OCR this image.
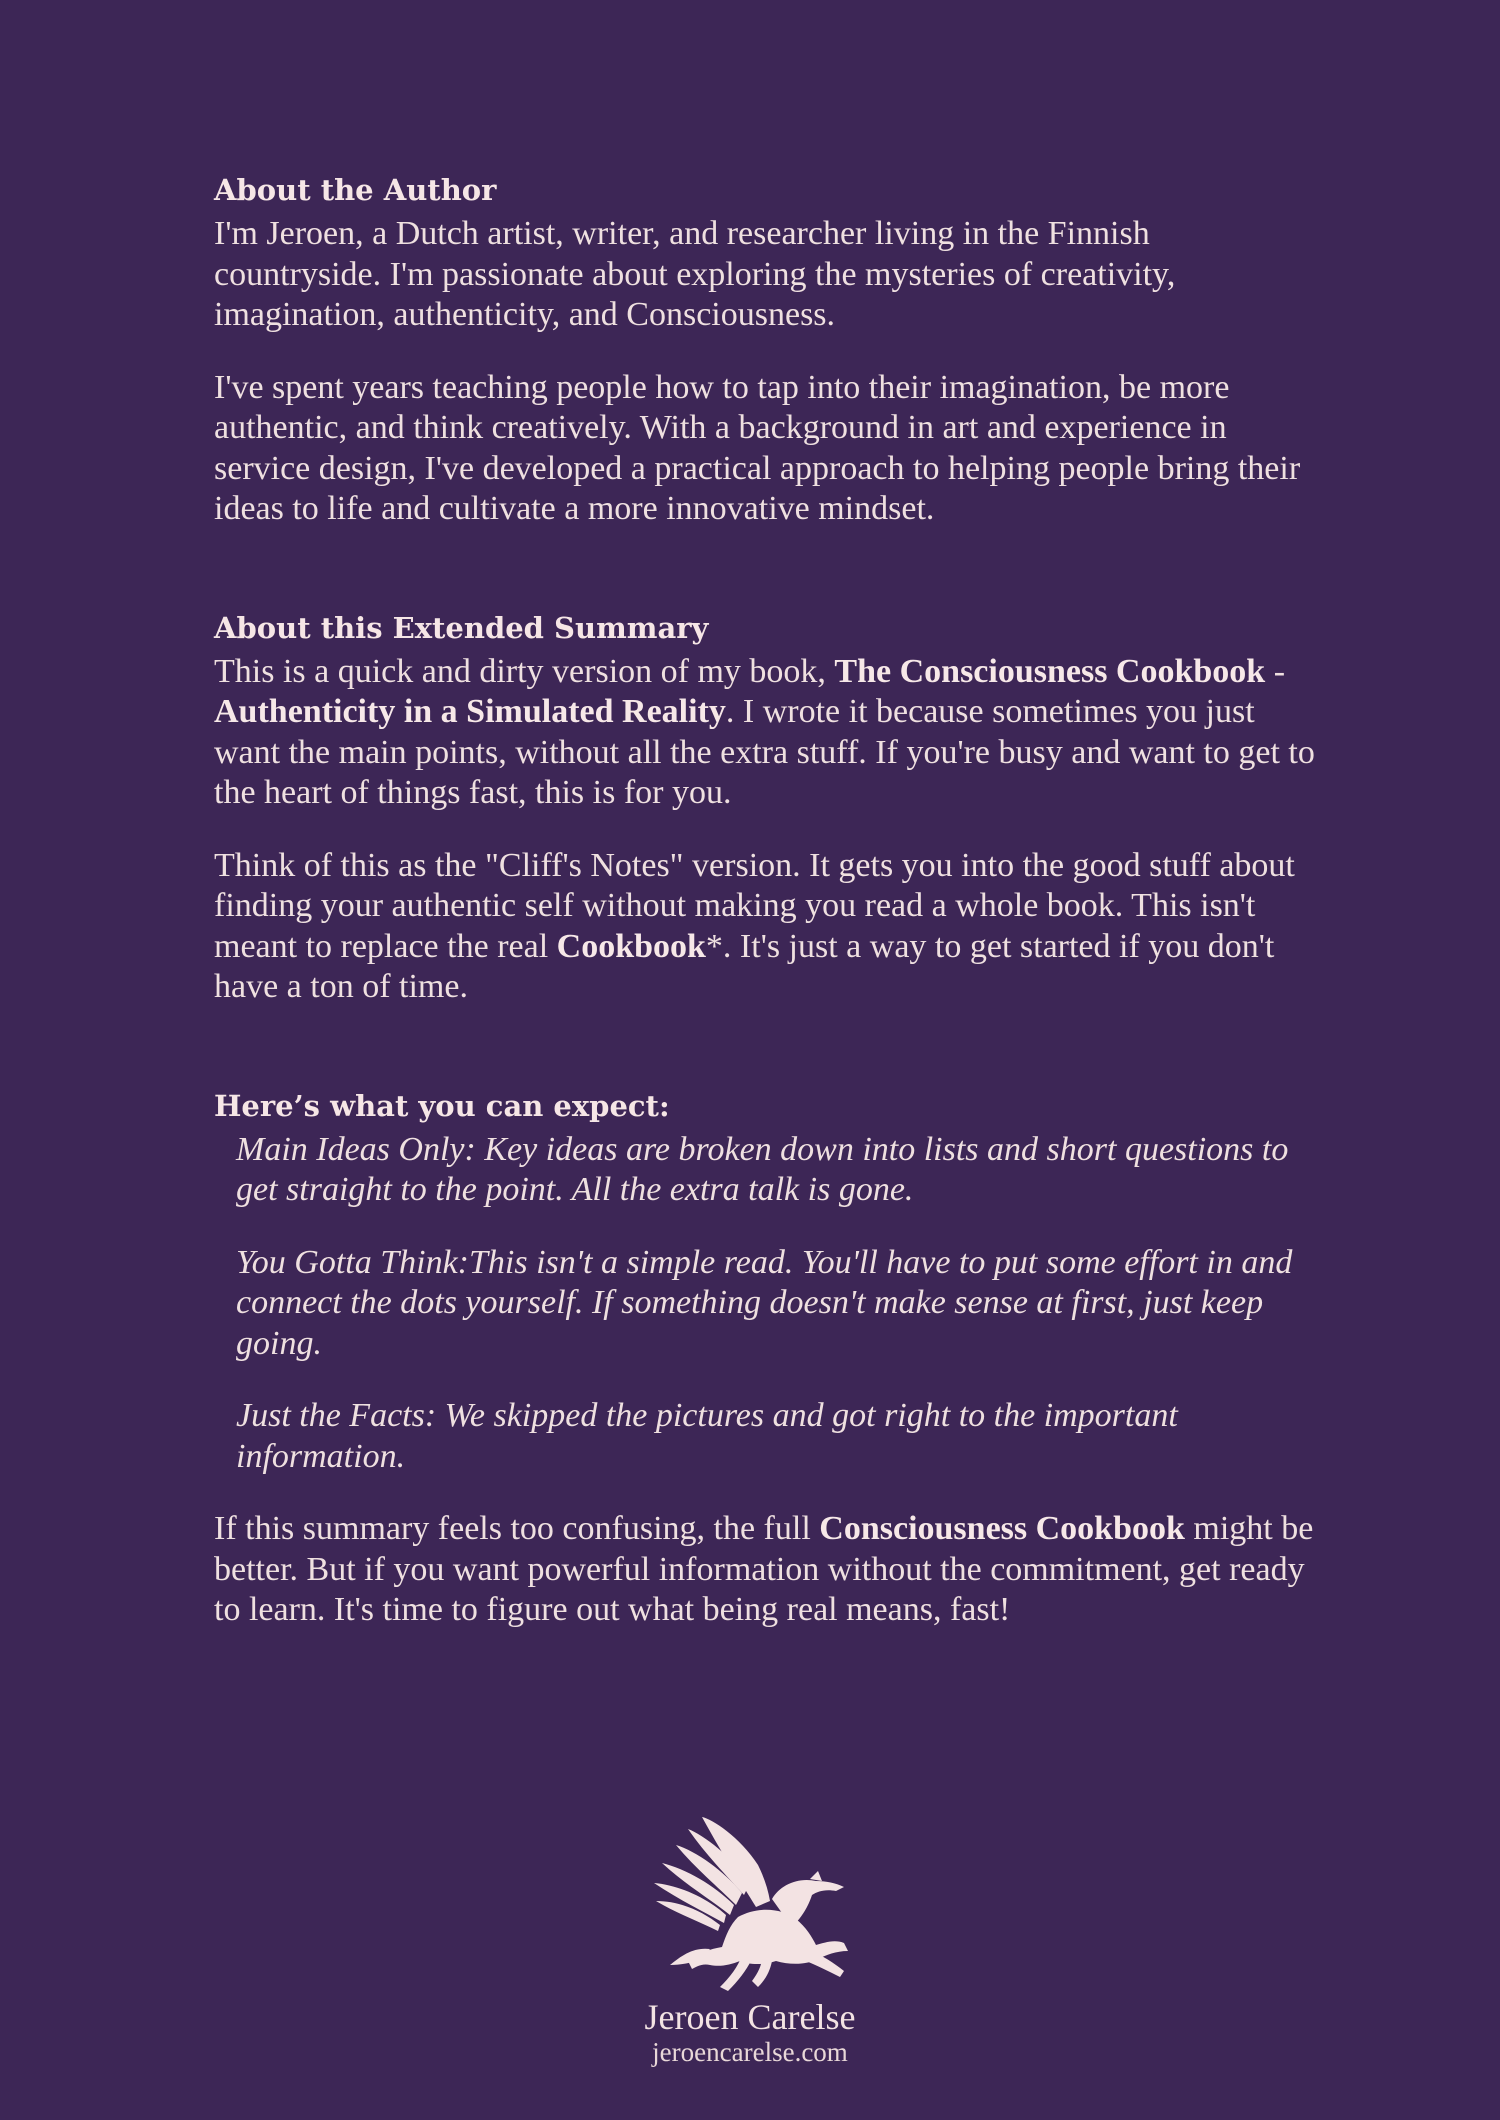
About the Author

I'm Jeroen, a Dutch artist, writer, and researcher living in the Finnish countryside. I'm passionate about exploring the mysteries of creativity, imagination, authenticity, and Consciousness.

I've spent years teaching people how to tap into their imagination, be more authentic, and think creatively. With a background in art and experience in service design, I've developed a practical approach to helping people bring their ideas to life and cultivate a more innovative mindset.

About this Extended Summary

This is a quick and dirty version of my book, The Consciousness Cookbook - Authenticity in a Simulated Reality. I wrote it because sometimes you just want the main points, without all the extra stuff. If you're busy and want to get to the heart of things fast, this is for you.

Think of this as the "Cliff's Notes" version. It gets you into the good stuff about finding your authentic self without making you read a whole book. This isn't meant to replace the real Cookbook*. It's just a way to get started if you don't have a ton of time.

Here’s what you can expect:

Main Ideas Only: Key ideas are broken down into lists and short questions to get straight to the point. All the extra talk is gone.

You Gotta Think:This isn't a simple read. You'll have to put some effort in and connect the dots yourself. If something doesn't make sense at first, just keep going.

Just the Facts: We skipped the pictures and got right to the important information.

If this summary feels too confusing, the full Consciousness Cookbook might be better. But if you want powerful information without the commitment, get ready to learn. It's time to figure out what being real means, fast!

Jeroen Carelse
jeroencarelse.com
